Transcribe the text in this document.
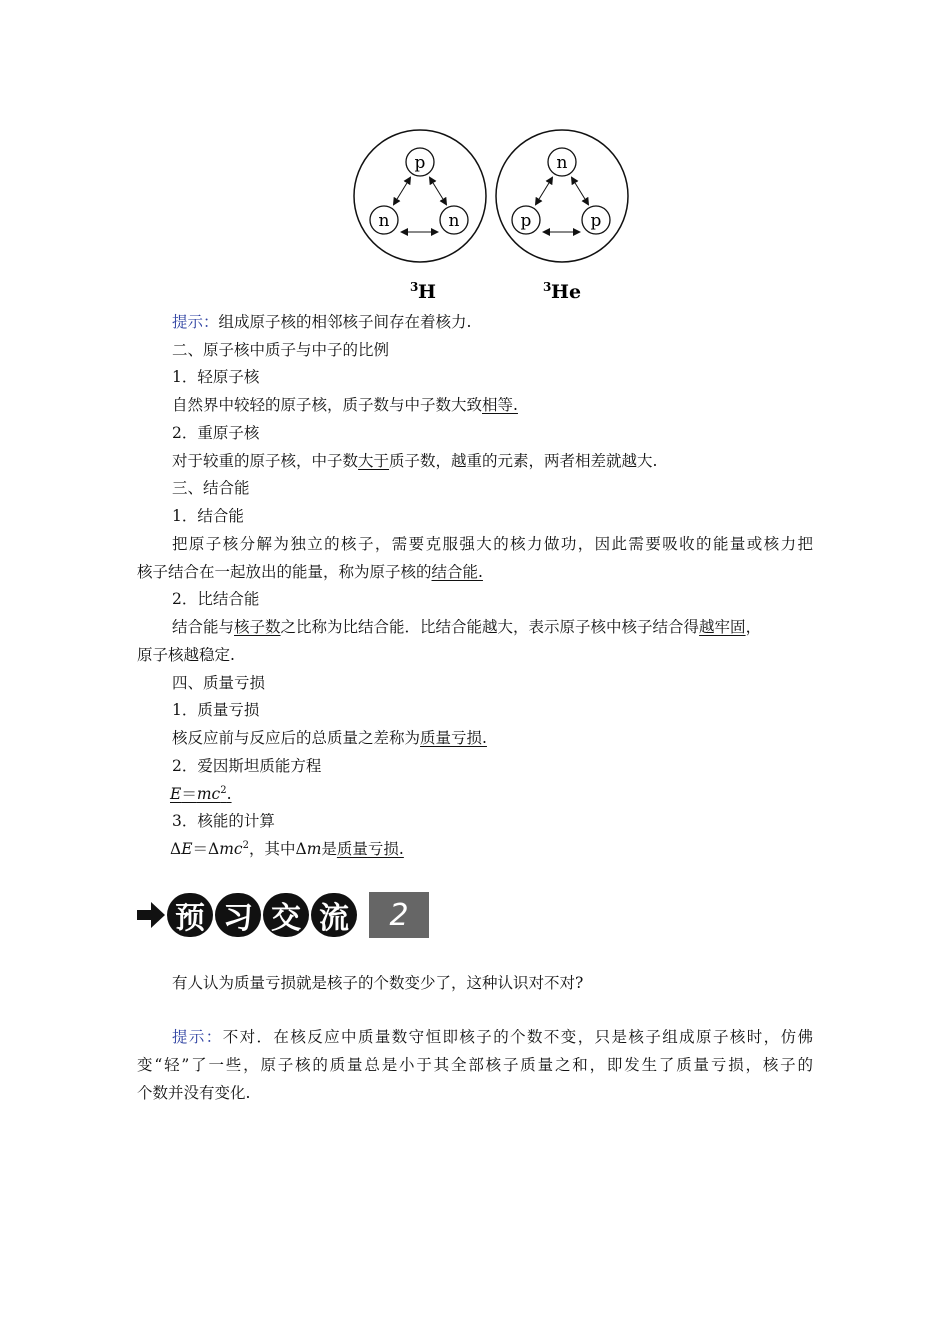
p
n	n
n
p	p
3 H	3 He
提示：组成原子核的相邻核子间存在着核力.
二、原子核中质子与中子的比例
1．轻原子核
自然界中较轻的原子核，质子数与中子数大致相等.
2．重原子核
对于较重的原子核，中子数大于质子数，越重的元素，两者相差就越大.
三、结合能
1．结合能
把原子核分解为独立的核子，需要克服强大的核力做功，因此需要吸收的能量或核力把
核子结合在一起放出的能量，称为原子核的结合能.
2．比结合能
结合能与核子数之比称为比结合能．比结合能越大，表示原子核中核子结合得越牢固，
原子核越稳定.
四、质量亏损
1．质量亏损
核反应前与反应后的总质量之差称为质量亏损.
2．爱因斯坦质能方程
$E=mc^2$.
3．核能的计算
ΔE＝Δmc$^2$，其中Δm是质量亏损.
预 习 交 流	2
有人认为质量亏损就是核子的个数变少了，这种认识对不对?
提示：不对．在核反应中质量数守恒即核子的个数不变，只是核子组成原子核时，仿佛
变“轻”了一些，原子核的质量总是小于其全部核子质量之和，即发生了质量亏损，核子的
个数并没有变化.
